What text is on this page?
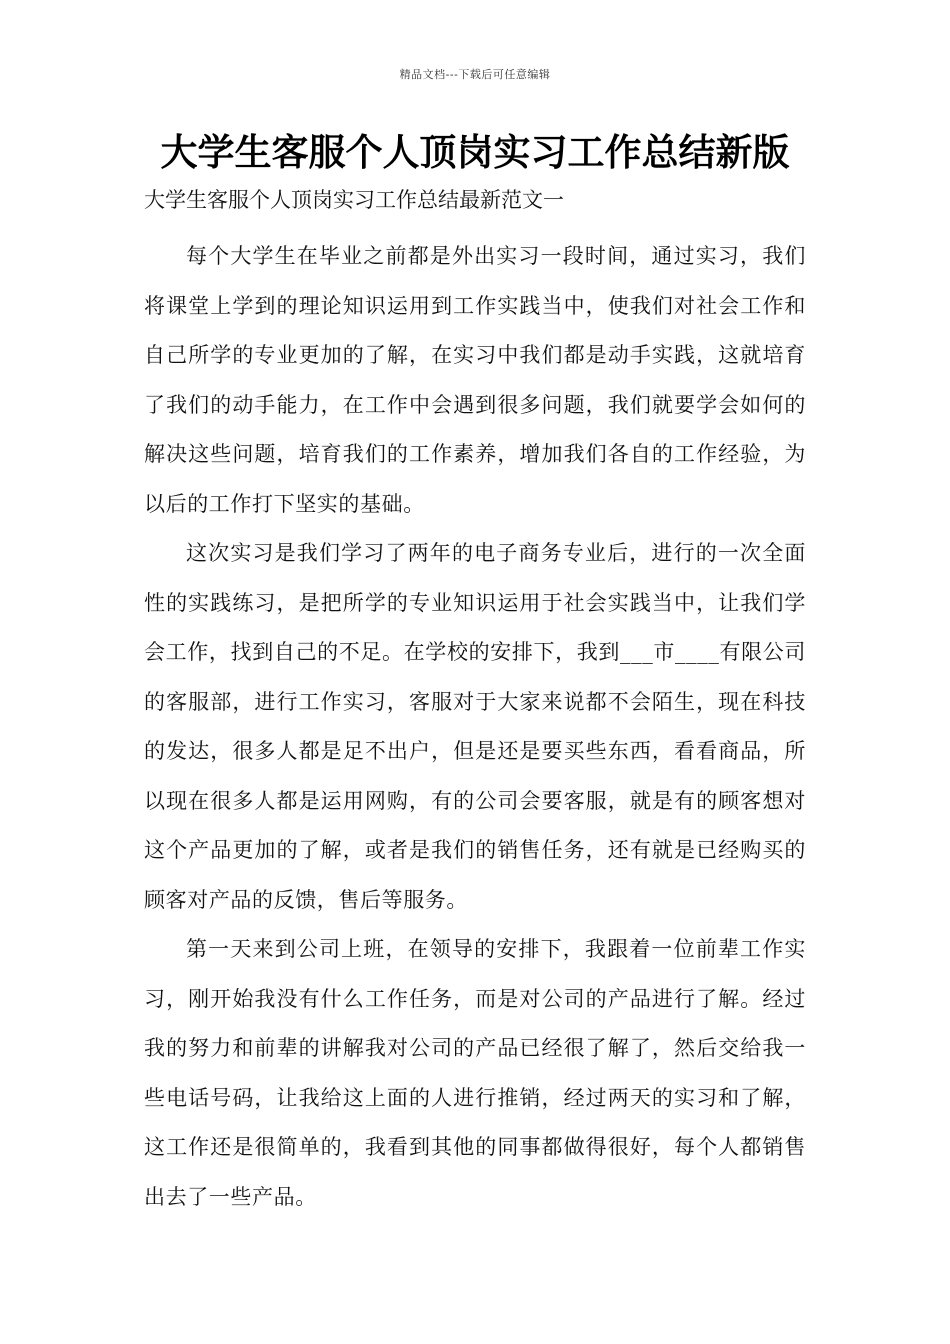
精品文档---下载后可任意编辑
大学生客服个人顶岗实习工作总结新版

大学生客服个人顶岗实习工作总结最新范文一

每个大学生在毕业之前都是外出实习一段时间，通过实习，我们将课堂上学到的理论知识运用到工作实践当中，使我们对社会工作和自己所学的专业更加的了解，在实习中我们都是动手实践，这就培育了我们的动手能力，在工作中会遇到很多问题，我们就要学会如何的解决这些问题，培育我们的工作素养，增加我们各自的工作经验，为以后的工作打下坚实的基础。

这次实习是我们学习了两年的电子商务专业后，进行的一次全面性的实践练习，是把所学的专业知识运用于社会实践当中，让我们学会工作，找到自己的不足。在学校的安排下，我到___市____有限公司的客服部，进行工作实习，客服对于大家来说都不会陌生，现在科技的发达，很多人都是足不出户，但是还是要买些东西，看看商品，所以现在很多人都是运用网购，有的公司会要客服，就是有的顾客想对这个产品更加的了解，或者是我们的销售任务，还有就是已经购买的顾客对产品的反馈，售后等服务。

第一天来到公司上班，在领导的安排下，我跟着一位前辈工作实习，刚开始我没有什么工作任务，而是对公司的产品进行了解。经过我的努力和前辈的讲解我对公司的产品已经很了解了，然后交给我一些电话号码，让我给这上面的人进行推销，经过两天的实习和了解，这工作还是很简单的，我看到其他的同事都做得很好，每个人都销售出去了一些产品。
